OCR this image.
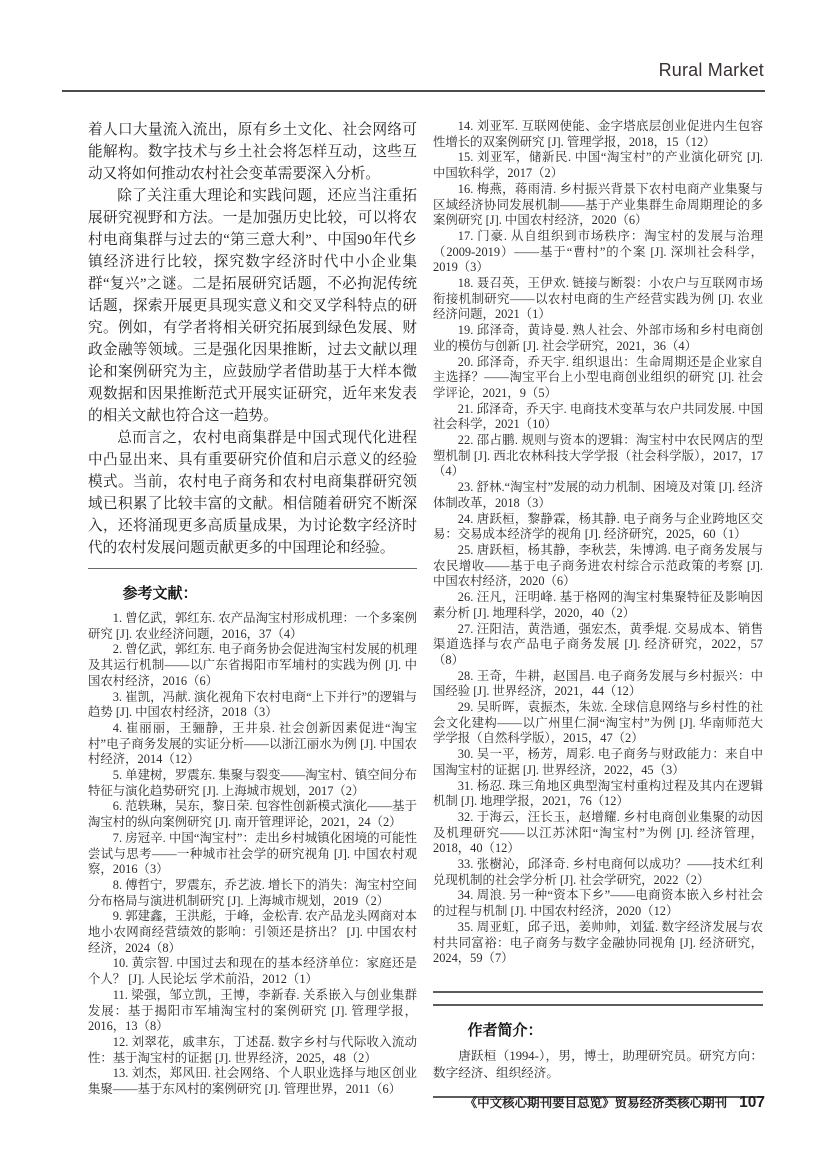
Rural Market

着人口大量流入流出，原有乡土文化、社会网络可能解构。数字技术与乡土社会将怎样互动，这些互动又将如何推动农村社会变革需要深入分析。

除了关注重大理论和实践问题，还应当注重拓展研究视野和方法。一是加强历史比较，可以将农村电商集群与过去的“第三意大利”、中国90年代乡镇经济进行比较，探究数字经济时代中小企业集群“复兴”之谜。二是拓展研究话题，不必拘泥传统话题，探索开展更具现实意义和交叉学科特点的研究。例如，有学者将相关研究拓展到绿色发展、财政金融等领域。三是强化因果推断，过去文献以理论和案例研究为主，应鼓励学者借助基于大样本微观数据和因果推断范式开展实证研究，近年来发表的相关文献也符合这一趋势。

总而言之，农村电商集群是中国式现代化进程中凸显出来、具有重要研究价值和启示意义的经验模式。当前，农村电子商务和农村电商集群研究领域已积累了比较丰富的文献。相信随着研究不断深入，还将涌现更多高质量成果，为讨论数字经济时代的农村发展问题贡献更多的中国理论和经验。

参考文献：

1. 曾亿武，郭红东. 农产品淘宝村形成机理：一个多案例研究 [J]. 农业经济问题，2016，37（4）

2. 曾亿武，郭红东. 电子商务协会促进淘宝村发展的机理及其运行机制——以广东省揭阳市军埔村的实践为例 [J]. 中国农村经济，2016（6）

3. 崔凯，冯献. 演化视角下农村电商“上下并行”的逻辑与趋势 [J]. 中国农村经济，2018（3）

4. 崔丽丽，王骊静，王井泉. 社会创新因素促进“淘宝村”电子商务发展的实证分析——以浙江丽水为例 [J]. 中国农村经济，2014（12）

5. 单建树，罗震东. 集聚与裂变——淘宝村、镇空间分布特征与演化趋势研究 [J]. 上海城市规划，2017（2）

6. 范轶琳，吴东，黎日荣. 包容性创新模式演化——基于淘宝村的纵向案例研究 [J]. 南开管理评论，2021，24（2）

7. 房冠辛. 中国“淘宝村”：走出乡村城镇化困境的可能性尝试与思考——一种城市社会学的研究视角 [J]. 中国农村观察，2016（3）

8. 傅哲宁，罗震东，乔艺波. 增长下的消失：淘宝村空间分布格局与演进机制研究 [J]. 上海城市规划，2019（2）

9. 郭建鑫，王洪彪，于峰，金松青. 农产品龙头网商对本地小农网商经营绩效的影响：引领还是挤出？ [J]. 中国农村经济，2024（8）

10. 黄宗智. 中国过去和现在的基本经济单位：家庭还是个人？ [J]. 人民论坛 学术前沿，2012（1）

11. 梁强，邹立凯，王博，李新春. 关系嵌入与创业集群发展：基于揭阳市军埔淘宝村的案例研究 [J]. 管理学报，2016，13（8）

12. 刘翠花，戚聿东，丁述磊. 数字乡村与代际收入流动性：基于淘宝村的证据 [J]. 世界经济，2025，48（2）

13. 刘杰，郑风田. 社会网络、个人职业选择与地区创业集聚——基于东风村的案例研究 [J]. 管理世界，2011（6）

14. 刘亚军. 互联网使能、金字塔底层创业促进内生包容性增长的双案例研究 [J]. 管理学报，2018，15（12）

15. 刘亚军，储新民. 中国“淘宝村”的产业演化研究 [J]. 中国软科学，2017（2）

16. 梅燕，蒋雨清. 乡村振兴背景下农村电商产业集聚与区域经济协同发展机制——基于产业集群生命周期理论的多案例研究 [J]. 中国农村经济，2020（6）

17. 门豪. 从自组织到市场秩序：淘宝村的发展与治理（2009-2019）——基于“曹村”的个案 [J]. 深圳社会科学，2019（3）

18. 聂召英，王伊欢. 链接与断裂：小农户与互联网市场衔接机制研究——以农村电商的生产经营实践为例 [J]. 农业经济问题，2021（1）

19. 邱泽奇，黄诗曼. 熟人社会、外部市场和乡村电商创业的模仿与创新 [J]. 社会学研究，2021，36（4）

20. 邱泽奇，乔天宇. 组织退出：生命周期还是企业家自主选择？——淘宝平台上小型电商创业组织的研究 [J]. 社会学评论，2021，9（5）

21. 邱泽奇，乔天宇. 电商技术变革与农户共同发展. 中国社会科学，2021（10）

22. 邵占鹏. 规则与资本的逻辑：淘宝村中农民网店的型塑机制 [J]. 西北农林科技大学学报（社会科学版），2017，17（4）

23. 舒林.“淘宝村”发展的动力机制、困境及对策 [J]. 经济体制改革，2018（3）

24. 唐跃桓，黎静霖，杨其静. 电子商务与企业跨地区交易：交易成本经济学的视角 [J]. 经济研究，2025，60（1）

25. 唐跃桓，杨其静，李秋芸，朱博鸿. 电子商务发展与农民增收——基于电子商务进农村综合示范政策的考察 [J]. 中国农村经济，2020（6）

26. 汪凡，汪明峰. 基于格网的淘宝村集聚特征及影响因素分析 [J]. 地理科学，2020，40（2）

27. 汪阳洁，黄浩通，强宏杰，黄季焜. 交易成本、销售渠道选择与农产品电子商务发展 [J]. 经济研究，2022，57（8）

28. 王奇，牛耕，赵国昌. 电子商务发展与乡村振兴：中国经验 [J]. 世界经济，2021，44（12）

29. 吴昕晖，袁振杰，朱竑. 全球信息网络与乡村性的社会文化建构——以广州里仁洞“淘宝村”为例 [J]. 华南师范大学学报（自然科学版），2015，47（2）

30. 吴一平，杨芳，周彩. 电子商务与财政能力：来自中国淘宝村的证据 [J]. 世界经济，2022，45（3）

31. 杨忍. 珠三角地区典型淘宝村重构过程及其内在逻辑机制 [J]. 地理学报，2021，76（12）

32. 于海云，汪长玉，赵增耀. 乡村电商创业集聚的动因及机理研究——以江苏沭阳“淘宝村”为例 [J]. 经济管理，2018，40（12）

33. 张樹沁，邱泽奇. 乡村电商何以成功？——技术红利兑现机制的社会学分析 [J]. 社会学研究，2022（2）

34. 周浪. 另一种“资本下乡”——电商资本嵌入乡村社会的过程与机制 [J]. 中国农村经济，2020（12）

35. 周亚虹，邱子迅，姜帅帅，刘猛. 数字经济发展与农村共同富裕：电子商务与数字金融协同视角 [J]. 经济研究，2024，59（7）

作者简介：

唐跃桓（1994-），男，博士，助理研究员。研究方向：数字经济、组织经济。

《中文核心期刊要目总览》贸易经济类核心期刊 107
